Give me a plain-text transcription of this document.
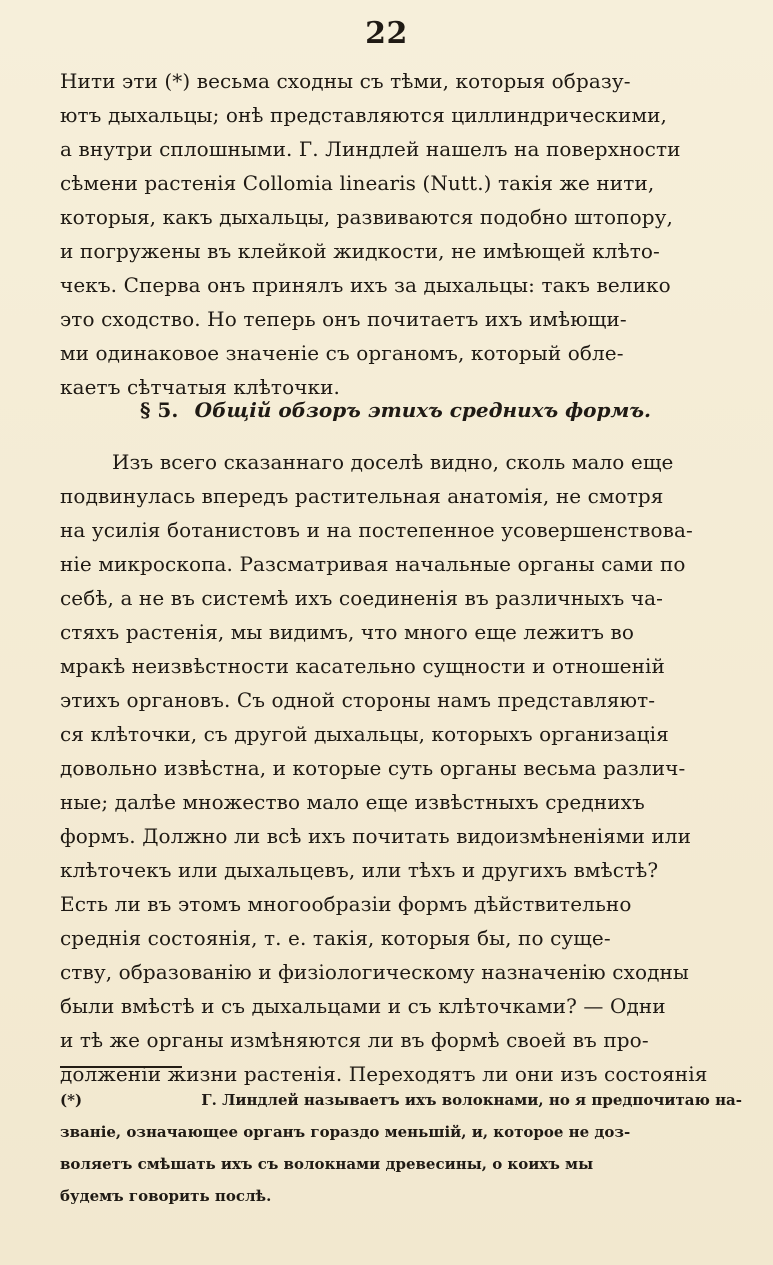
22
Нити эти (*) весьма сходны съ тѣми, которыя образу-
ютъ дыхальцы; онѣ представляются циллиндрическими,
а внутри сплошными. Г. Линдлей нашелъ на поверхности
сѣмени растенія Collomia linearis (Nutt.) такія же нити,
которыя, какъ дыхальцы, развиваются подобно штопору,
и погружены въ клейкой жидкости, не имѣющей клѣто-
чекъ. Сперва онъ принялъ ихъ за дыхальцы: такъ велико
это сходство. Но теперь онъ почитаетъ ихъ имѣющи-
ми одинаковое значеніе съ органомъ, который обле-
каетъ сѣтчатыя клѣточки.
§ 5. Общій обзоръ этихъ среднихъ формъ.
Изъ всего сказаннаго доселѣ видно, сколь мало еще
подвинулась впередъ растительная анатомія, не смотря
на усилія ботанистовъ и на постепенное усовершенствова-
ніе микроскопа. Разсматривая начальные органы сами по
себѣ, а не въ системѣ ихъ соединенія въ различныхъ ча-
стяхъ растенія, мы видимъ, что много еще лежитъ во
мракѣ неизвѣстности касательно сущности и отношеній
этихъ органовъ. Съ одной стороны намъ представляют-
ся клѣточки, съ другой дыхальцы, которыхъ организація
довольно извѣстна, и которые суть органы весьма различ-
ные; далѣе множество мало еще извѣстныхъ среднихъ
формъ. Должно ли всѣ ихъ почитать видоизмѣненіями или
клѣточекъ или дыхальцевъ, или тѣхъ и другихъ вмѣстѣ?
Есть ли въ этомъ многообразіи формъ дѣйствительно
среднія состоянія, т. е. такія, которыя бы, по суще-
ству, образованію и физіологическому назначенію сходны
были вмѣстѣ и съ дыхальцами и съ клѣточками? — Одни
и тѣ же органы измѣняются ли въ формѣ своей въ про-
долженіи жизни растенія. Переходятъ ли они изъ состоянія
(*)	Г. Линдлей называетъ ихъ волокнами, но я предпочитаю на-
званіе, означающее органъ гораздо меньшій, и, которое не доз-
воляетъ смѣшать ихъ съ волокнами древесины, о коихъ мы
будемъ говорить послѣ.
